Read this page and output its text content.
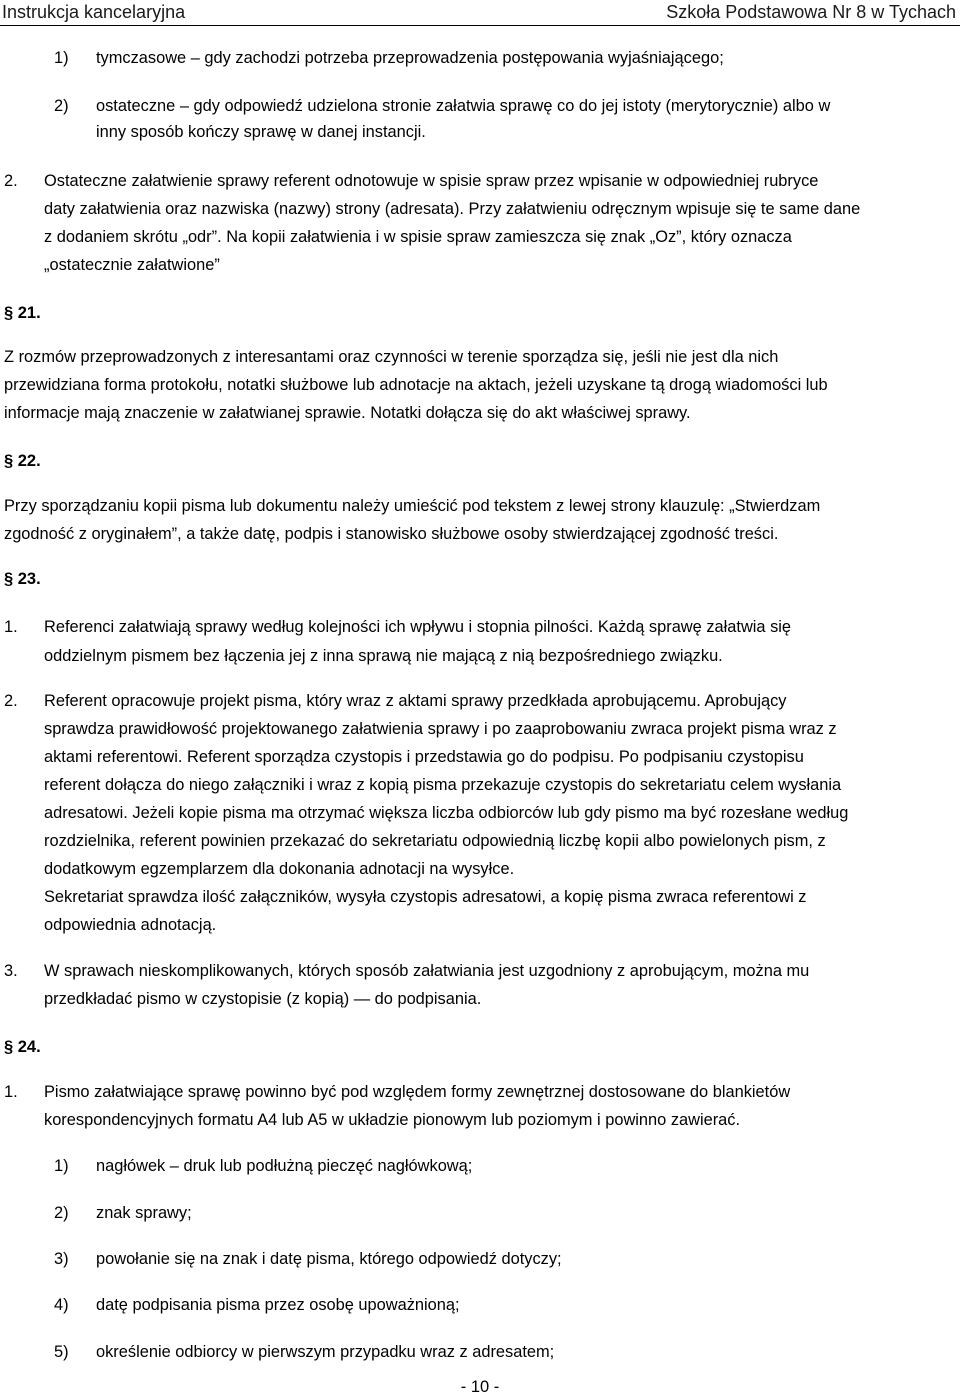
Instrukcja kancelaryjna	Szkoła Podstawowa Nr 8 w Tychach
1) tymczasowe – gdy zachodzi potrzeba przeprowadzenia postępowania wyjaśniającego;
2) ostateczne – gdy odpowiedź udzielona stronie załatwia sprawę co do jej istoty (merytorycznie) albo w
inny sposób kończy sprawę w danej instancji.
2. Ostateczne załatwienie sprawy referent odnotowuje w spisie spraw przez wpisanie w odpowiedniej rubryce
daty załatwienia oraz nazwiska (nazwy) strony (adresata). Przy załatwieniu odręcznym wpisuje się te same dane
z dodaniem skrótu „odr”. Na kopii załatwienia i w spisie spraw zamieszcza się znak „Oz”, który oznacza
„ostatecznie załatwione”
§ 21.
Z rozmów przeprowadzonych z interesantami oraz czynności w terenie sporządza się, jeśli nie jest dla nich
przewidziana forma protokołu, notatki służbowe lub adnotacje na aktach, jeżeli uzyskane tą drogą wiadomości lub
informacje mają znaczenie w załatwianej sprawie. Notatki dołącza się do akt właściwej sprawy.
§ 22.
Przy sporządzaniu kopii pisma lub dokumentu należy umieścić pod tekstem z lewej strony klauzulę: „Stwierdzam
zgodność z oryginałem”, a także datę, podpis i stanowisko służbowe osoby stwierdzającej zgodność treści.
§ 23.
1. Referenci załatwiają sprawy według kolejności ich wpływu i stopnia pilności. Każdą sprawę załatwia się
oddzielnym pismem bez łączenia jej z inna sprawą nie mającą z nią bezpośredniego związku.
2. Referent opracowuje projekt pisma, który wraz z aktami sprawy przedkłada aprobującemu. Aprobujący
sprawdza prawidłowość projektowanego załatwienia sprawy i po zaaprobowaniu zwraca projekt pisma wraz z
aktami referentowi. Referent sporządza czystopis i przedstawia go do podpisu. Po podpisaniu czystopisu
referent dołącza do niego załączniki i wraz z kopią pisma przekazuje czystopis do sekretariatu celem wysłania
adresatowi. Jeżeli kopie pisma ma otrzymać większa liczba odbiorców lub gdy pismo ma być rozesłane według
rozdzielnika, referent powinien przekazać do sekretariatu odpowiednią liczbę kopii albo powielonych pism, z
dodatkowym egzemplarzem dla dokonania adnotacji na wysyłce.
Sekretariat sprawdza ilość załączników, wysyła czystopis adresatowi, a kopię pisma zwraca referentowi z
odpowiednia adnotacją.
3. W sprawach nieskomplikowanych, których sposób załatwiania jest uzgodniony z aprobującym, można mu
przedkładać pismo w czystopisie (z kopią) — do podpisania.
§ 24.
1. Pismo załatwiające sprawę powinno być pod względem formy zewnętrznej dostosowane do blankietów
korespondencyjnych formatu A4 lub A5 w układzie pionowym lub poziomym i powinno zawierać.
1) nagłówek – druk lub podłużną pieczęć nagłówkową;
2) znak sprawy;
3) powołanie się na znak i datę pisma, którego odpowiedź dotyczy;
4) datę podpisania pisma przez osobę upoważnioną;
5) określenie odbiorcy w pierwszym przypadku wraz z adresatem;
- 10 -
